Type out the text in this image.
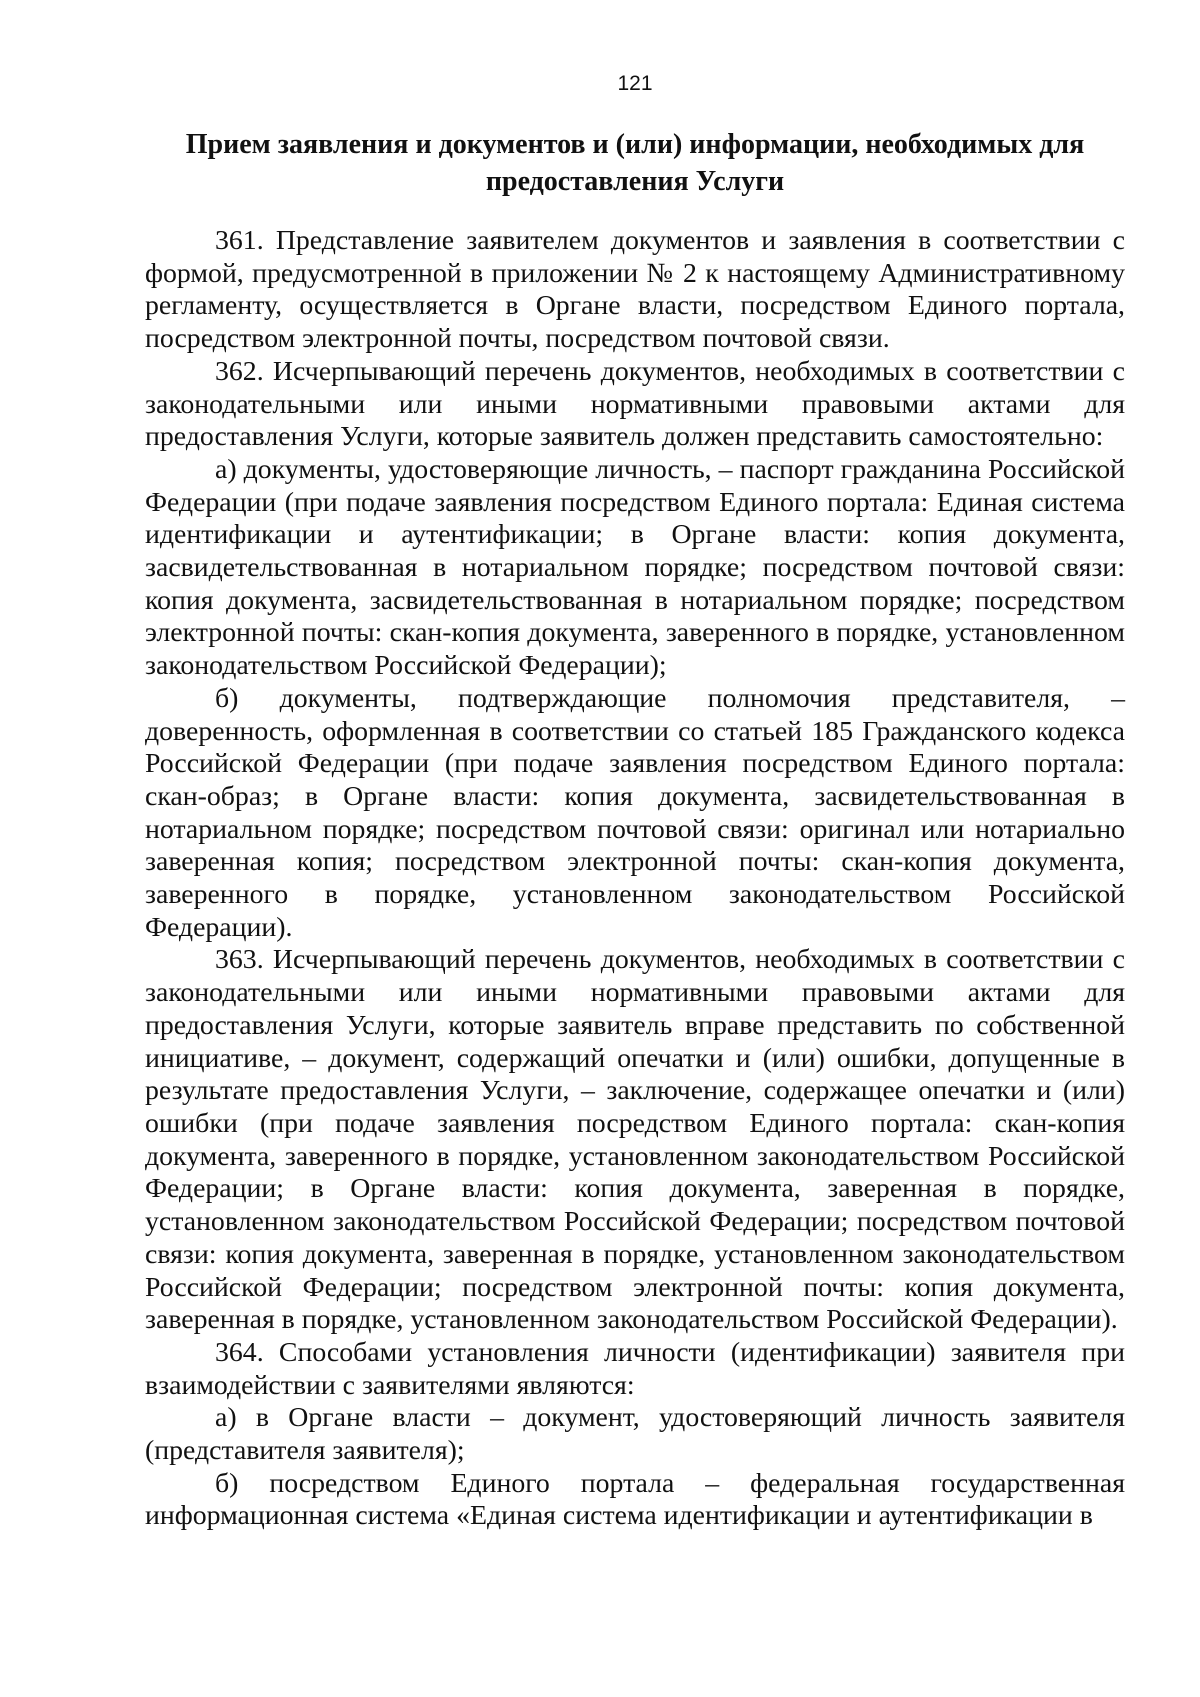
121
Прием заявления и документов и (или) информации, необходимых для предоставления Услуги

361. Представление заявителем документов и заявления в соответствии с формой, предусмотренной в приложении № 2 к настоящему Административному регламенту, осуществляется в Органе власти, посредством Единого портала, посредством электронной почты, посредством почтовой связи.

362. Исчерпывающий перечень документов, необходимых в соответствии с законодательными или иными нормативными правовыми актами для предоставления Услуги, которые заявитель должен представить самостоятельно:

а) документы, удостоверяющие личность, – паспорт гражданина Российской Федерации (при подаче заявления посредством Единого портала: Единая система идентификации и аутентификации; в Органе власти: копия документа, засвидетельствованная в нотариальном порядке; посредством почтовой связи: копия документа, засвидетельствованная в нотариальном порядке; посредством электронной почты: скан-копия документа, заверенного в порядке, установленном законодательством Российской Федерации);

б) документы, подтверждающие полномочия представителя, – доверенность, оформленная в соответствии со статьей 185 Гражданского кодекса Российской Федерации (при подаче заявления посредством Единого портала: скан-образ; в Органе власти: копия документа, засвидетельствованная в нотариальном порядке; посредством почтовой связи: оригинал или нотариально заверенная копия; посредством электронной почты: скан-копия документа, заверенного в порядке, установленном законодательством Российской Федерации).

363. Исчерпывающий перечень документов, необходимых в соответствии с законодательными или иными нормативными правовыми актами для предоставления Услуги, которые заявитель вправе представить по собственной инициативе, – документ, содержащий опечатки и (или) ошибки, допущенные в результате предоставления Услуги, – заключение, содержащее опечатки и (или) ошибки (при подаче заявления посредством Единого портала: скан-копия документа, заверенного в порядке, установленном законодательством Российской Федерации; в Органе власти: копия документа, заверенная в порядке, установленном законодательством Российской Федерации; посредством почтовой связи: копия документа, заверенная в порядке, установленном законодательством Российской Федерации; посредством электронной почты: копия документа, заверенная в порядке, установленном законодательством Российской Федерации).

364. Способами установления личности (идентификации) заявителя при взаимодействии с заявителями являются:

а) в Органе власти – документ, удостоверяющий личность заявителя (представителя заявителя);

б) посредством Единого портала – федеральная государственная информационная система «Единая система идентификации и аутентификации в
